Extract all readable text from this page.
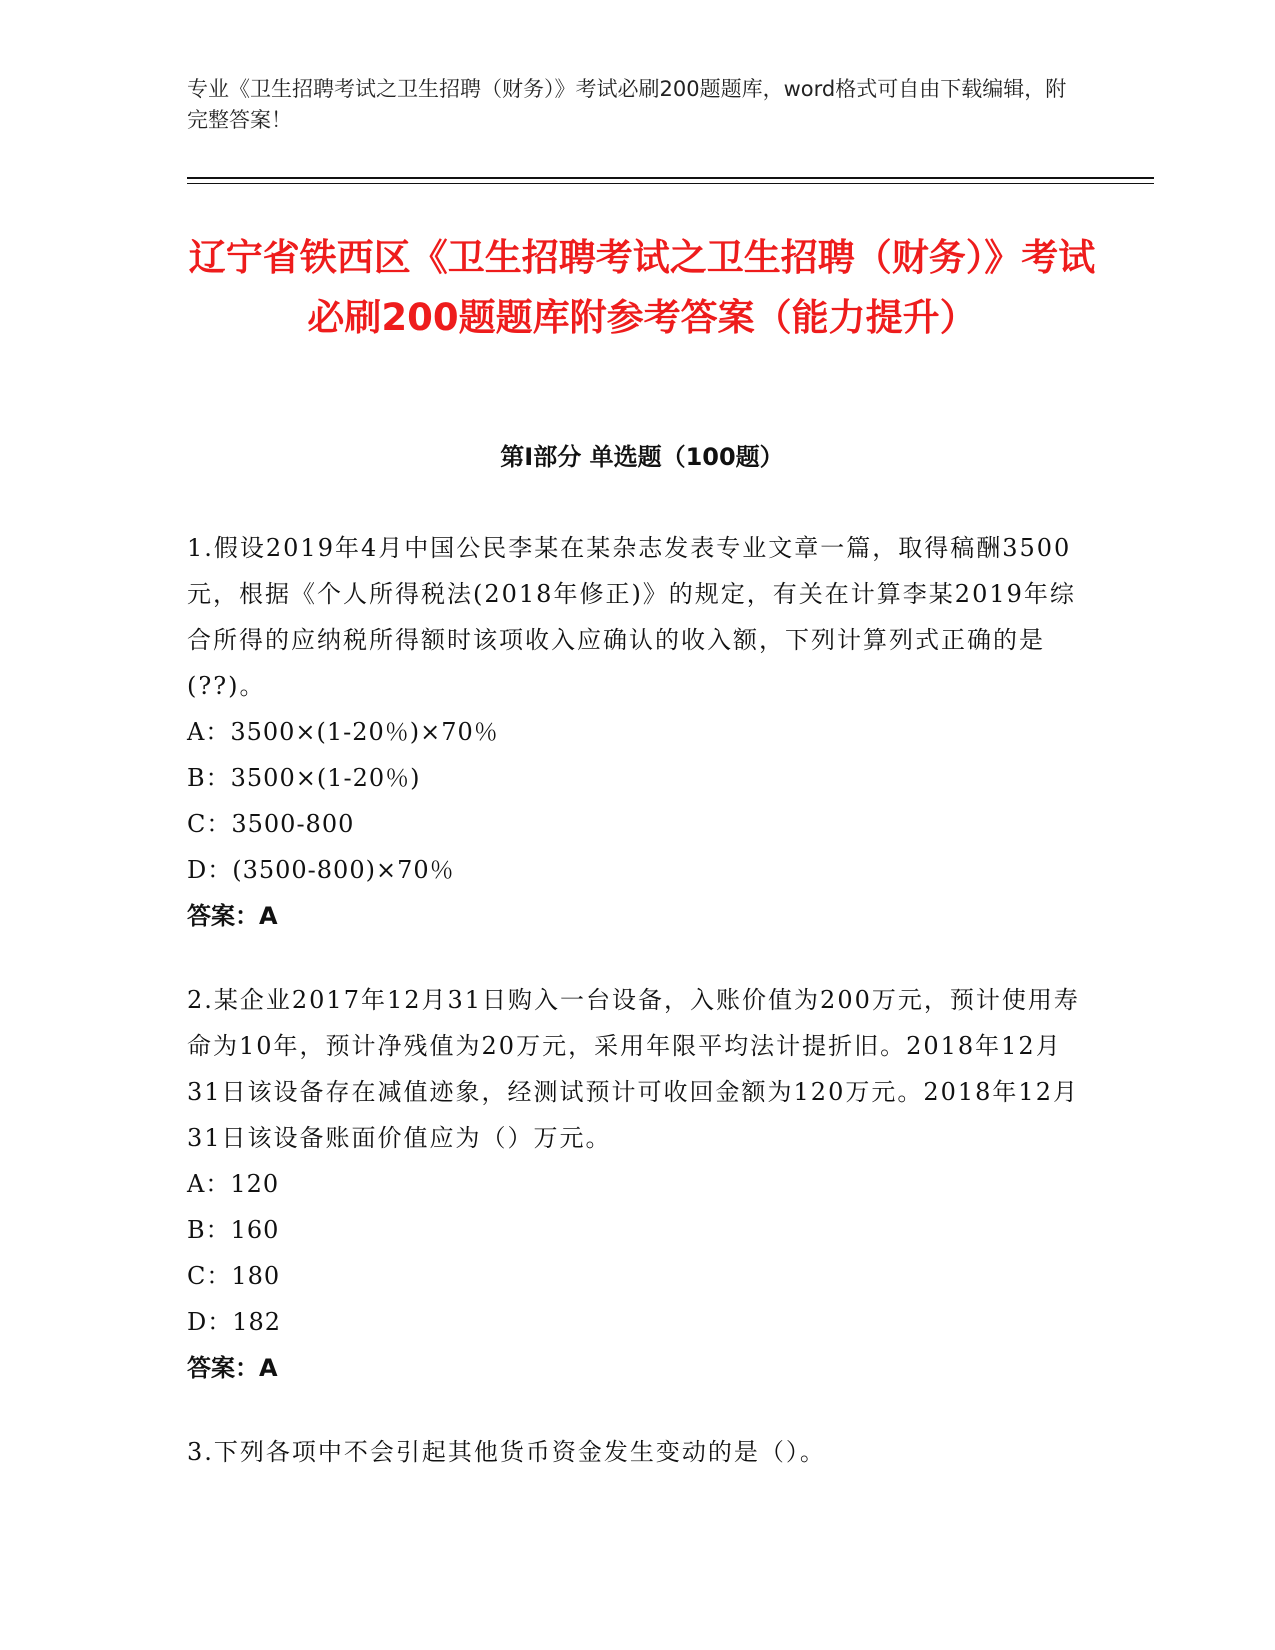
专业《卫生招聘考试之卫生招聘（财务）》考试必刷200题题库，word格式可自由下载编辑，附完整答案！
辽宁省铁西区《卫生招聘考试之卫生招聘（财务）》考试必刷200题题库附参考答案（能力提升）
第Ⅰ部分 单选题（100题）
1.假设2019年4月中国公民李某在某杂志发表专业文章一篇，取得稿酬3500元，根据《个人所得税法(2018年修正)》的规定，有关在计算李某2019年综合所得的应纳税所得额时该项收入应确认的收入额，下列计算列式正确的是(??)。
A：3500×(1-20％)×70％
B：3500×(1-20％)
C：3500-800
D：(3500-800)×70％
答案：A
2.某企业2017年12月31日购入一台设备，入账价值为200万元，预计使用寿命为10年，预计净残值为20万元，采用年限平均法计提折旧。2018年12月31日该设备存在减值迹象，经测试预计可收回金额为120万元。2018年12月31日该设备账面价值应为（）万元。
A：120
B：160
C：180
D：182
答案：A
3.下列各项中不会引起其他货币资金发生变动的是（）。
